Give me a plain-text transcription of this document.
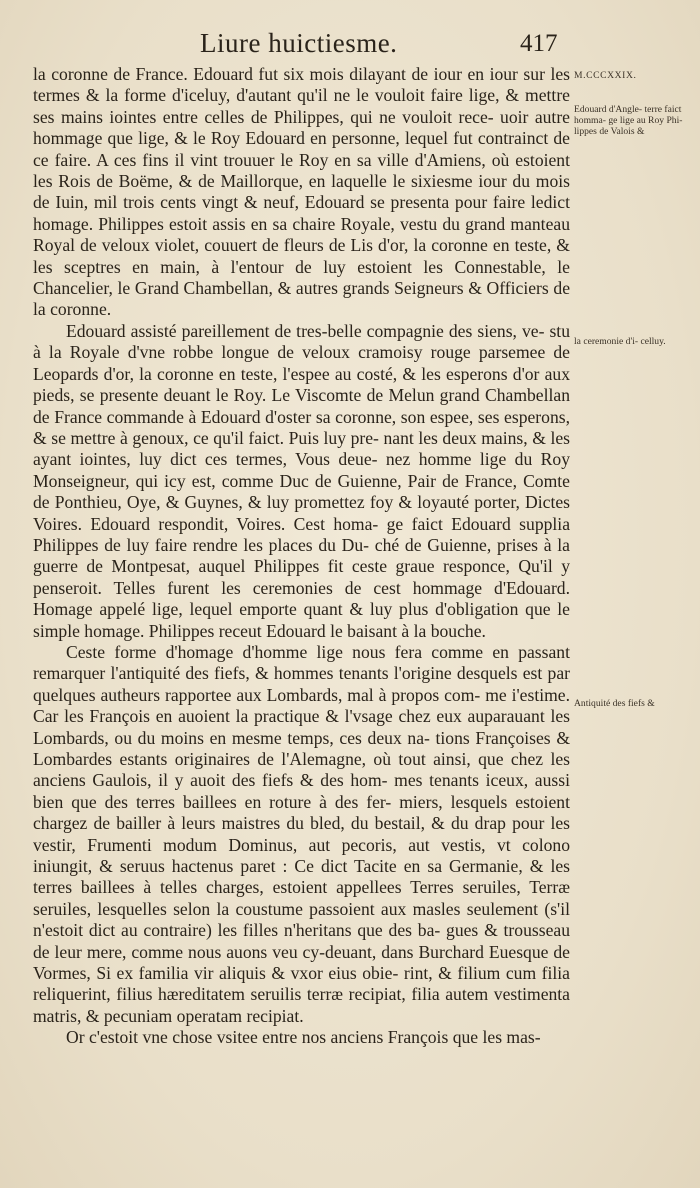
Liure huictiesme.	417

la coronne de France. Edouard fut six mois dilayant de iour en iour sur les termes & la forme d'iceluy, d'autant qu'il ne le vouloit faire lige, & mettre ses mains iointes entre celles de Philippes, qui ne vouloit rece- uoir autre hommage que lige, & le Roy Edouard en personne, lequel fut contrainct de ce faire. A ces fins il vint trouuer le Roy en sa ville d'Amiens, où estoient les Rois de Boëme, & de Maillorque, en laquelle le sixiesme iour du mois de Iuin, mil trois cents vingt & neuf, Edouard se presenta pour faire ledict homage. Philippes estoit assis en sa chaire Royale, vestu du grand manteau Royal de veloux violet, couuert de fleurs de Lis d'or, la coronne en teste, & les sceptres en main, à l'entour de luy estoient les Connestable, le Chancelier, le Grand Chambellan, & autres grands Seigneurs & Officiers de la coronne.

Edouard assisté pareillement de tres-belle compagnie des siens, ve- stu à la Royale d'vne robbe longue de veloux cramoisy rouge parsemee de Leopards d'or, la coronne en teste, l'espee au costé, & les esperons d'or aux pieds, se presente deuant le Roy. Le Viscomte de Melun grand Chambellan de France commande à Edouard d'oster sa coronne, son espee, ses esperons, & se mettre à genoux, ce qu'il faict. Puis luy pre- nant les deux mains, & les ayant iointes, luy dict ces termes, Vous deue- nez homme lige du Roy Monseigneur, qui icy est, comme Duc de Guienne, Pair de France, Comte de Ponthieu, Oye, & Guynes, & luy promettez foy & loyauté porter, Dictes Voires. Edouard respondit, Voires. Cest homa- ge faict Edouard supplia Philippes de luy faire rendre les places du Du- ché de Guienne, prises à la guerre de Montpesat, auquel Philippes fit ceste graue responce, Qu'il y penseroit. Telles furent les ceremonies de cest hommage d'Edouard. Homage appelé lige, lequel emporte quant & luy plus d'obligation que le simple homage. Philippes receut Edouard le baisant à la bouche.

Ceste forme d'homage d'homme lige nous fera comme en passant remarquer l'antiquité des fiefs, & hommes tenants l'origine desquels est par quelques autheurs rapportee aux Lombards, mal à propos com- me i'estime. Car les François en auoient la practique & l'vsage chez eux auparauant les Lombards, ou du moins en mesme temps, ces deux na- tions Françoises & Lombardes estants originaires de l'Alemagne, où tout ainsi, que chez les anciens Gaulois, il y auoit des fiefs & des hom- mes tenants iceux, aussi bien que des terres baillees en roture à des fer- miers, lesquels estoient chargez de bailler à leurs maistres du bled, du bestail, & du drap pour les vestir, Frumenti modum Dominus, aut pecoris, aut vestis, vt colono iniungit, & seruus hactenus paret : Ce dict Tacite en sa Germanie, & les terres baillees à telles charges, estoient appellees Terres seruiles, Terræ seruiles, lesquelles selon la coustume passoient aux masles seulement (s'il n'estoit dict au contraire) les filles n'heritans que des ba- gues & trousseau de leur mere, comme nous auons veu cy-deuant, dans Burchard Euesque de Vormes, Si ex familia vir aliquis & vxor eius obie- rint, & filium cum filia reliquerint, filius hæreditatem seruilis terræ recipiat, filia autem vestimenta matris, & pecuniam operatam recipiat.

Or c'estoit vne chose vsitee entre nos anciens François que les mas-

M.CCCXXIX.
Edouard d'Angle- terre faict homma- ge lige au Roy Phi- lippes de Valois &
la ceremonie d'i- celluy.
Antiquité des fiefs &
